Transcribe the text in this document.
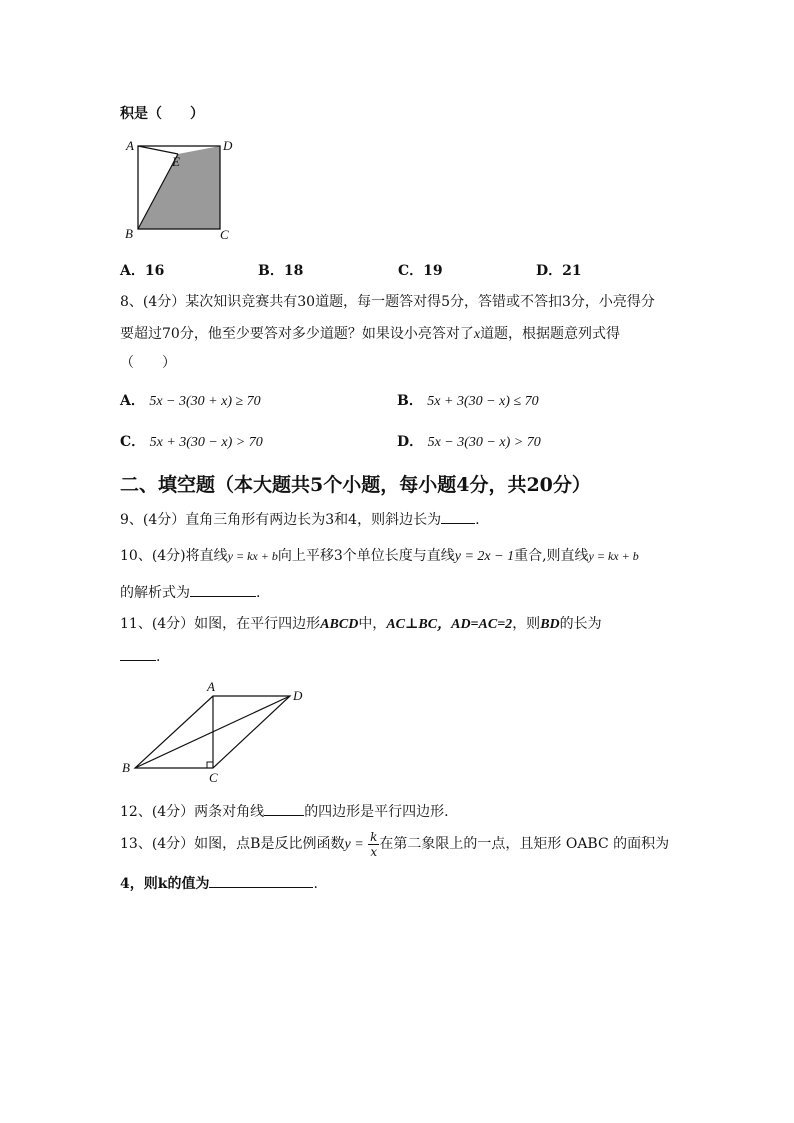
积是（　　）
A	D
E
B	C
A．16	B．18	C．19	D．21
8、(4分）某次知识竞赛共有30道题，每一题答对得5分，答错或不答扣3分，小亮得分
要超过70分，他至少要答对多少道题？如果设小亮答对了x道题，根据题意列式得
（　　）
A． 5x − 3(30 + x) ≥ 70	B． 5x + 3(30 − x) ≤ 70
C． 5x + 3(30 − x) > 70	D． 5x − 3(30 − x) > 70
二、填空题（本大题共5个小题，每小题4分，共20分）
9、(4分）直角三角形有两边长为3和4，则斜边长为 .
10、(4分)将直线y = kx + b向上平移3个单位长度与直线y = 2x − 1重合,则直线y = kx + b
的解析式为	.
11、(4分）如图，在平行四边形ABCD中，AC⊥BC，AD=AC=2，则BD的长为
.
A
D
B
C
12、(4分）两条对角线	的四边形是平行四边形.
13、(4分）如图，点B是反比例函数$y = \frac{k}{x}$ 在第二象限上的一点，且矩形 OABC 的面积为
4，则k的值为	.
